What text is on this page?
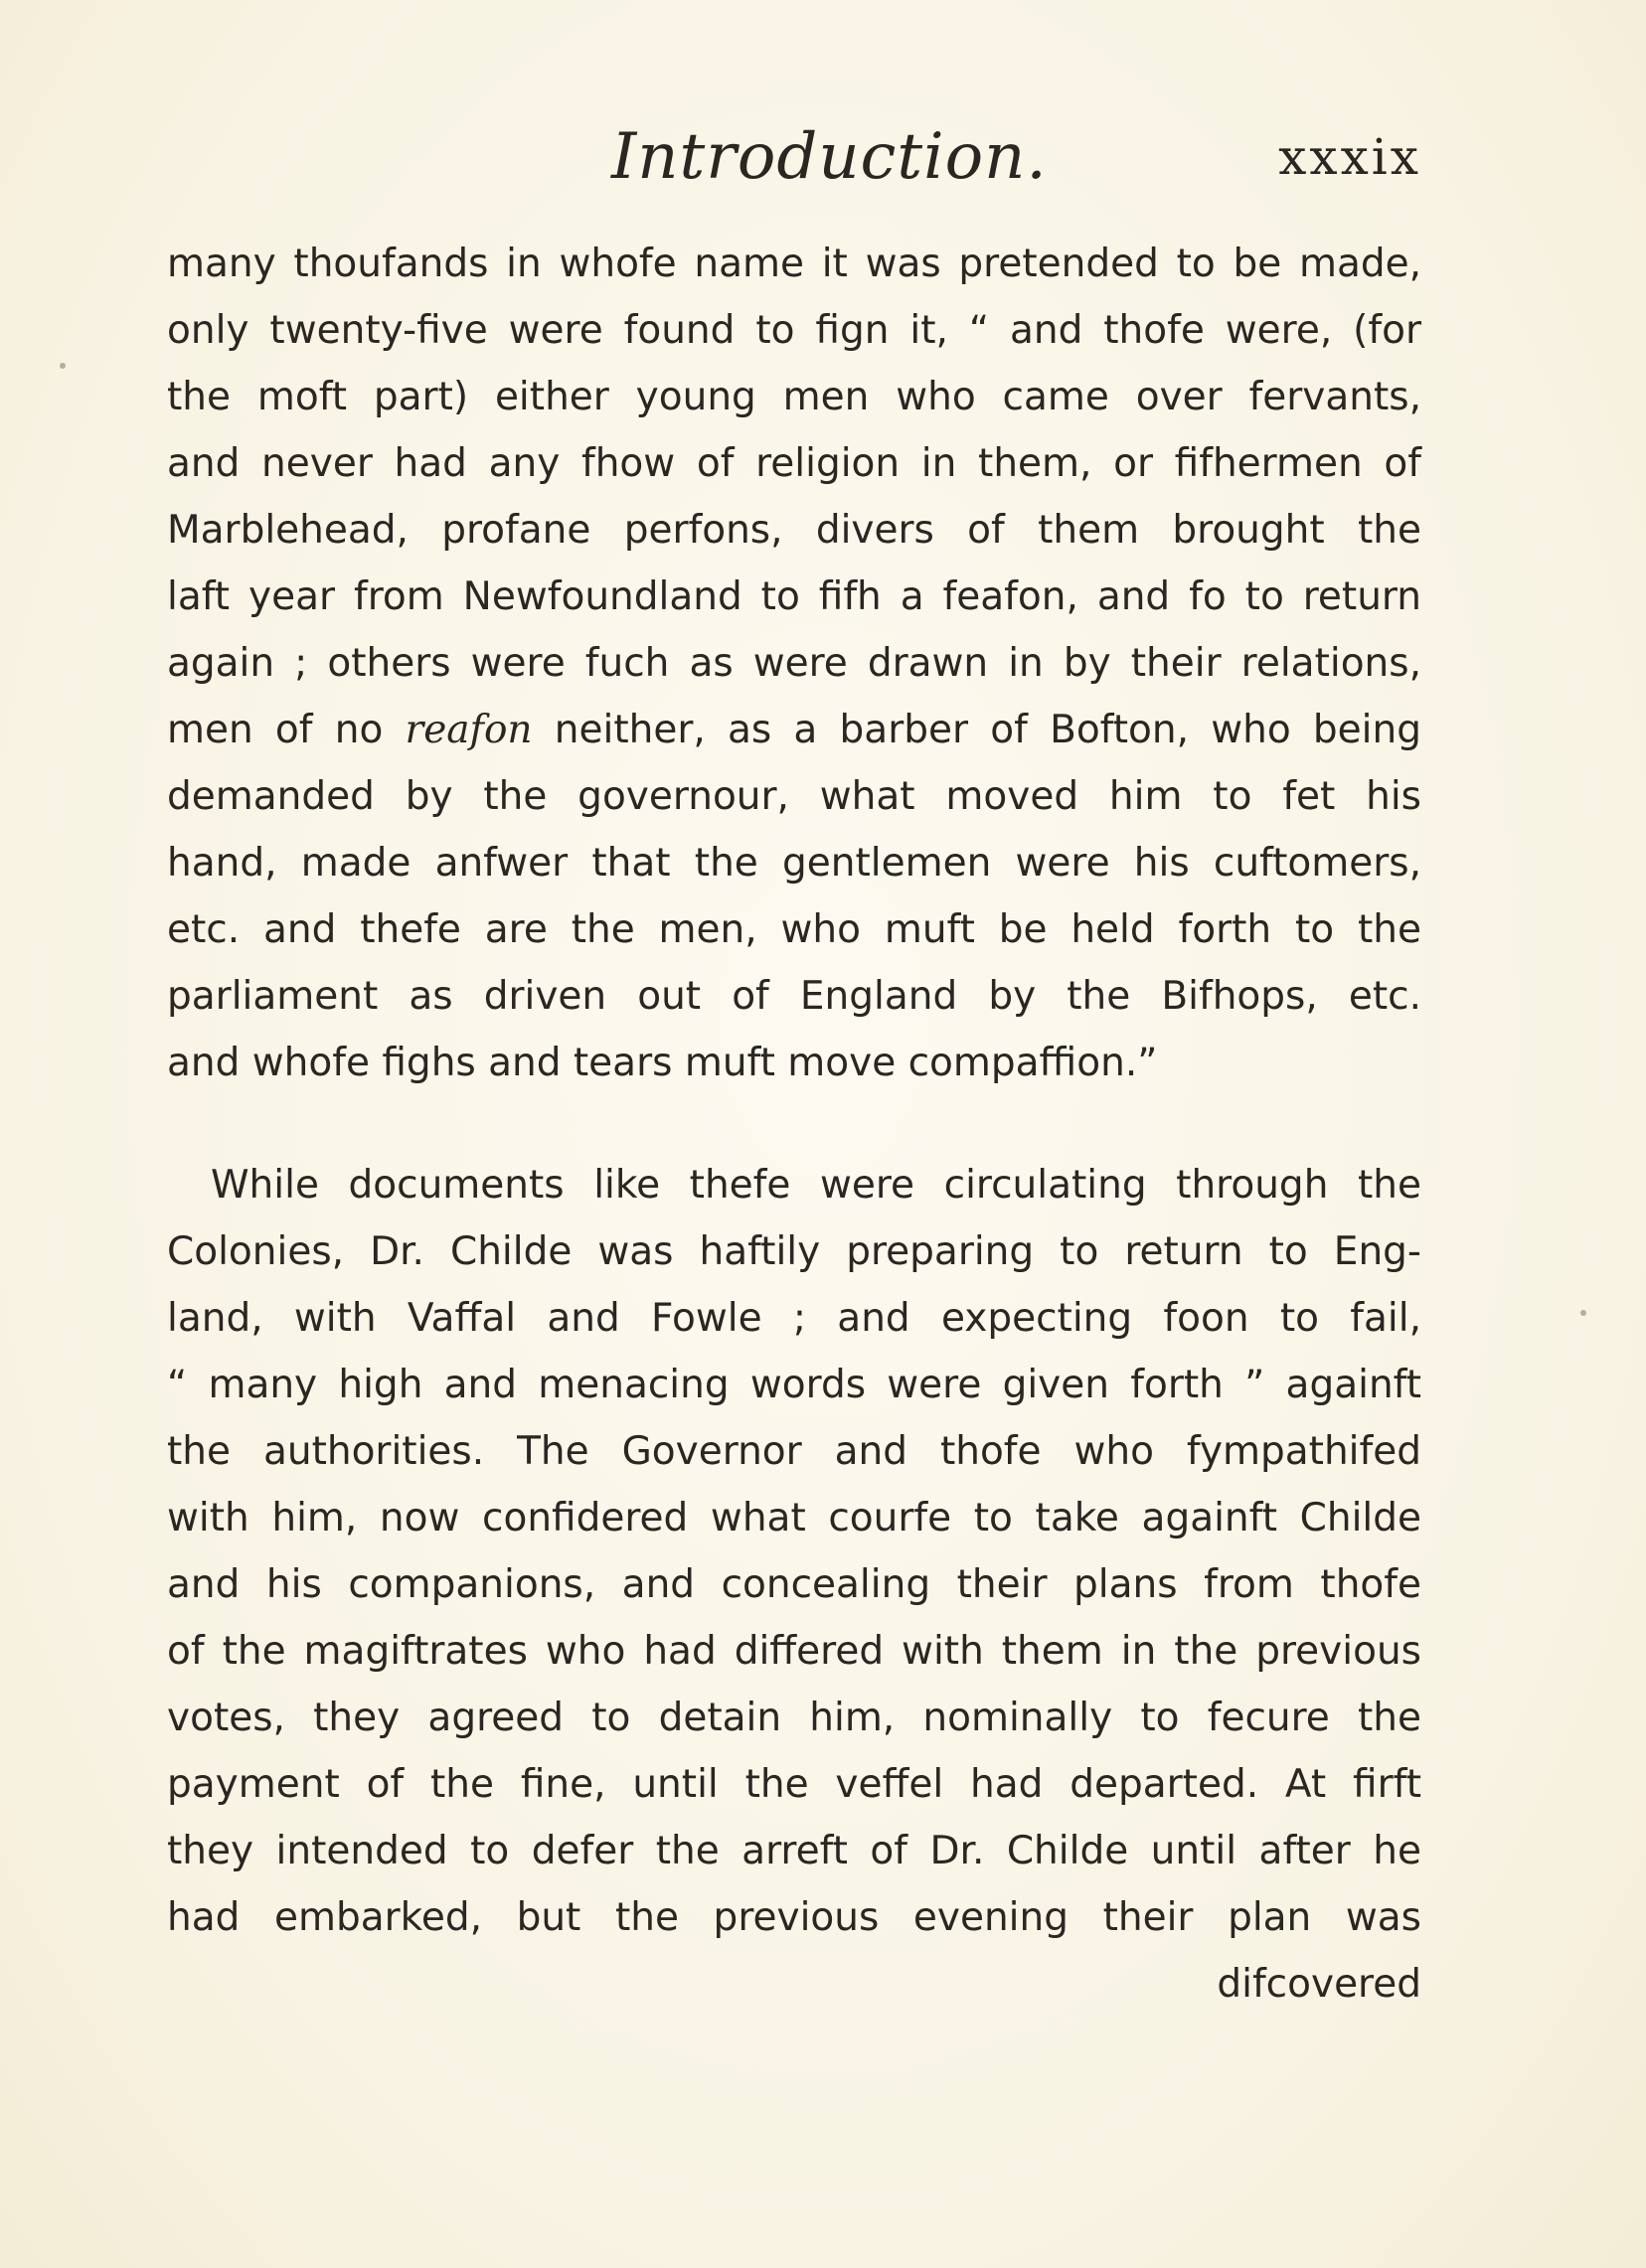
Introduction.	xxxix
many thoufands in whofe name it was pretended to be made,
only twenty-five were found to fign it, “ and thofe were, (for
the moft part) either young men who came over fervants,
and never had any fhow of religion in them, or fifhermen of
Marblehead, profane perfons, divers of them brought the
laft year from Newfoundland to fifh a feafon, and fo to return
again ; others were fuch as were drawn in by their relations,
men of no reafon neither, as a barber of Bofton, who being
demanded by the governour, what moved him to fet his
hand, made anfwer that the gentlemen were his cuftomers,
etc. and thefe are the men, who muft be held forth to the
parliament as driven out of England by the Bifhops, etc.
and whofe fighs and tears muft move compaffion.”
While documents like thefe were circulating through the
Colonies, Dr. Childe was haftily preparing to return to Eng-
land, with Vaffal and Fowle ; and expecting foon to fail,
“ many high and menacing words were given forth ” againft
the authorities. The Governor and thofe who fympathifed
with him, now confidered what courfe to take againft Childe
and his companions, and concealing their plans from thofe
of the magiftrates who had differed with them in the previous
votes, they agreed to detain him, nominally to fecure the
payment of the fine, until the veffel had departed. At firft
they intended to defer the arreft of Dr. Childe until after he
had embarked, but the previous evening their plan was
difcovered
